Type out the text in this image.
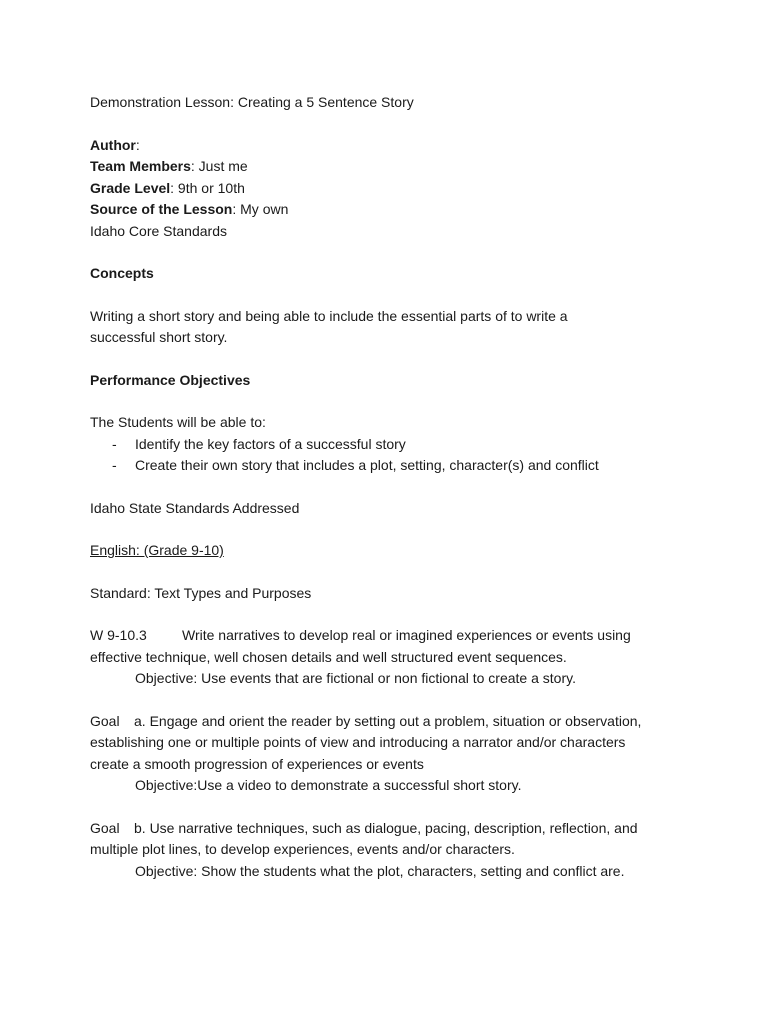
Demonstration Lesson: Creating a 5 Sentence Story

Author:

Team Members: Just me

Grade Level: 9th or 10th

Source of the Lesson: My own

Idaho Core Standards

Concepts

Writing a short story and being able to include the essential parts of to write a

successful short story.

Performance Objectives

The Students will be able to:

- Identify the key factors of a successful story
- Create their own story that includes a plot, setting, character(s) and conflict

Idaho State Standards Addressed

English: (Grade 9-10)

Standard: Text Types and Purposes

W 9-10.3	Write narratives to develop real or imagined experiences or events using

effective technique, well chosen details and well structured event sequences.

Objective: Use events that are fictional or non fictional to create a story.

Goal a. Engage and orient the reader by setting out a problem, situation or observation,

establishing one or multiple points of view and introducing a narrator and/or characters

create a smooth progression of experiences or events

Objective:Use a video to demonstrate a successful short story.

Goal b. Use narrative techniques, such as dialogue, pacing, description, reflection, and

multiple plot lines, to develop experiences, events and/or characters.

Objective: Show the students what the plot, characters, setting and conflict are.
